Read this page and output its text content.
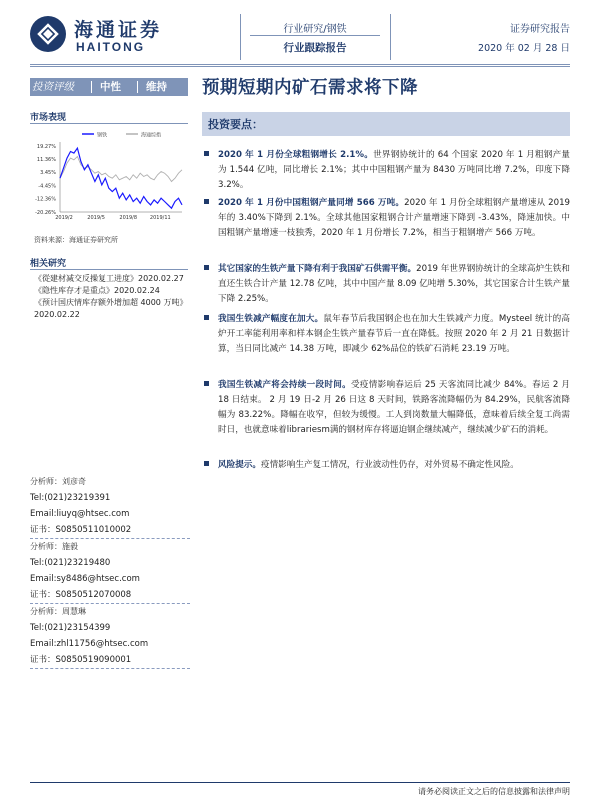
海通证券
HAITONG
行业研究/钢铁
行业跟踪报告
证券研究报告
2020 年 02 月 28 日
投资评级 中性 维持 预期短期内矿石需求将下降
市场表现
钢铁	海通综指
19.27%
11.36%
3.45%
-4.45%
-12.36%
-20.26%
2019/2	2019/5	2019/8	2019/11
资料来源：海通证券研究所
相关研究
《從建材减交反操复工进度》2020.02.27
《隐性库存才是重点》2020.02.24
《预计国庆情库存额外增加超 4000 万吨》2020.02.22
分析师：刘彦奇
Tel:(021)23219391
Email:liuyq@htsec.com
证书：S0850511010002
分析师：施毅
Tel:(021)23219480
Email:sy8486@htsec.com
证书：S0850512070008
分析师：周慧琳
Tel:(021)23154399
Email:zhl11756@htsec.com
证书：S0850519090001
投资要点：

2020 年 1 月份全球粗钢增长 2.1%。世界钢协统计的 64 个国家 2020 年 1 月粗钢产量为 1.544 亿吨，同比增长 2.1%；其中中国粗钢产量为 8430 万吨同比增 7.2%，印度下降 3.2%。

2020 年 1 月份中国粗钢产量同增 566 万吨。2020 年 1 月份全球粗钢产量增速从 2019 年的 3.40%下降到 2.1%。全球其他国家粗钢合计产量增速下降到 -3.43%，降速加快。中国粗钢产量增速一枝独秀，2020 年 1 月份增长 7.2%，相当于粗钢增产 566 万吨。

其它国家的生铁产量下降有利于我国矿石供需平衡。2019 年世界钢协统计的全球高炉生铁和直还生铁合计产量 12.78 亿吨，其中中国产量 8.09 亿吨增 5.30%，其它国家合计生铁产量下降 2.25%。

我国生铁减产幅度在加大。鼠年春节后我国钢企也在加大生铁减产力度。Mysteel 统计的高炉开工率能利用率和样本钢企生铁产量春节后一直在降低。按照 2020 年 2 月 21 日数据计算，当日同比减产 14.38 万吨，即减少 62%品位的铁矿石消耗 23.19 万吨。

我国生铁减产将会持续一段时间。受疫情影响春运后 25 天客流同比减少 84%。春运 2 月 18 日结束。 2 月 19 日-2 月 26 日这 8 天时间，铁路客流降幅仍为 84.29%，民航客流降幅为 83.22%。降幅在收窄，但较为缓慢。工人到岗数量大幅降低，意味着后续全复工尚需时日，也就意味着librariesm满的钢材库存将逼迫钢企继续减产，继续减少矿石的消耗。

风险提示。疫情影响生产复工情况，行业波动性仍存，对外贸易不确定性风险。

请务必阅读正文之后的信息披露和法律声明
